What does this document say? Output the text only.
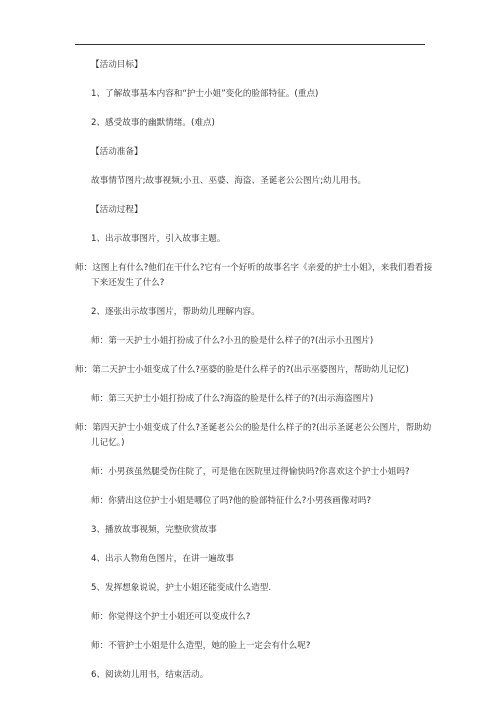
【活动目标】

1、了解故事基本内容和“护士小姐”变化的脸部特征。(重点)

2、感受故事的幽默情绪。(难点)

【活动准备】

故事情节图片;故事视频;小丑、巫婆、海盗、圣诞老公公图片;幼儿用书。

【活动过程】

1、出示故事图片，引入故事主题。

师：这图上有什么?他们在干什么?它有一个好听的故事名字《亲爱的护士小姐》，来我们看看接下来还发生了什么?

2、逐张出示故事图片，帮助幼儿理解内容。

师：第一天护士小姐打扮成了什么?小丑的脸是什么样子的?(出示小丑图片)

师：第二天护士小姐变成了什么?巫婆的脸是什么样子的?(出示巫婆图片，帮助幼儿记忆)

师：第三天护士小姐打扮成了什么?海盗的脸是什么样子的?(出示海盗图片)

师：第四天护士小姐变成了什么?圣诞老公公的脸是什么样子的?(出示圣诞老公公图片，帮助幼儿记忆。)

师：小男孩虽然腿受伤住院了，可是他在医院里过得愉快吗?你喜欢这个护士小姐吗?

师：你猜出这位护士小姐是哪位了吗?他的脸部特征什么?小男孩画像对吗?

3、播放故事视频，完整欣赏故事

4、出示人物角色图片，在讲一遍故事

5、发挥想象说说，护士小姐还能变成什么造型.

师：你觉得这个护士小姐还可以变成什么?

师：不管护士小姐是什么造型，她的脸上一定会有什么呢?

6、阅读幼儿用书，结束活动。
